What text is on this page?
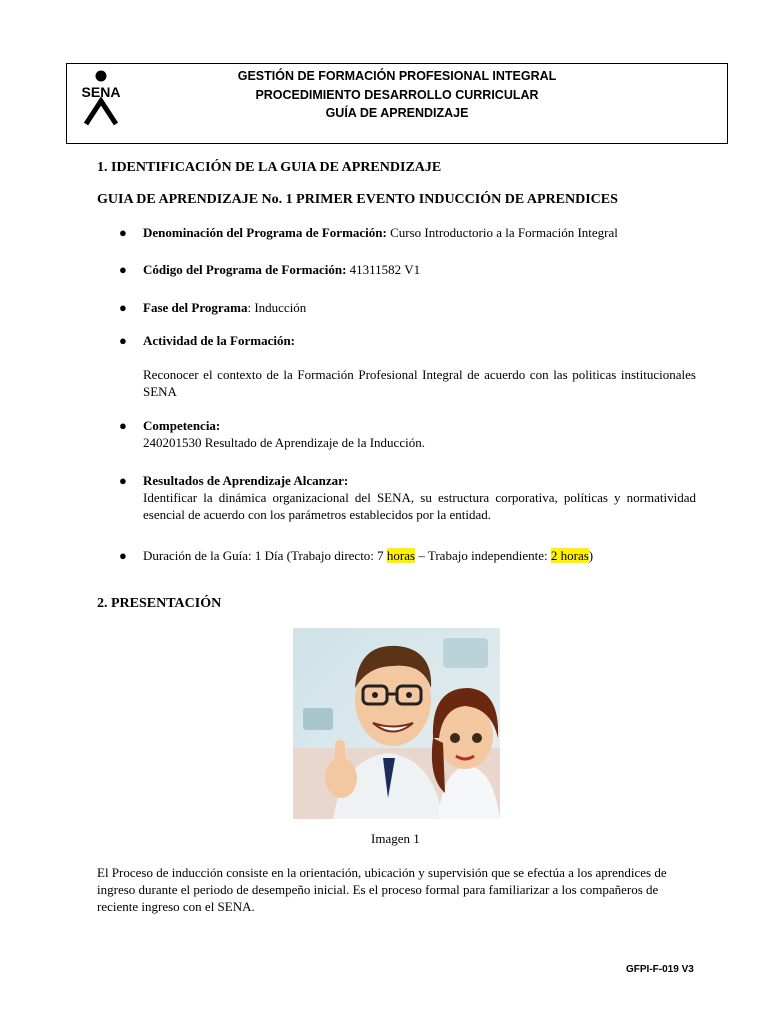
SENA
GESTIÓN DE FORMACIÓN PROFESIONAL INTEGRAL
PROCEDIMIENTO DESARROLLO CURRICULAR
GUÍA DE APRENDIZAJE
1. IDENTIFICACIÓN DE LA GUIA DE APRENDIZAJE
GUIA DE APRENDIZAJE No. 1 PRIMER EVENTO INDUCCIÓN DE APRENDICES
● Denominación del Programa de Formación: Curso Introductorio a la Formación Integral
● Código del Programa de Formación: 41311582 V1
● Fase del Programa: Inducción
● Actividad de la Formación:
Reconocer el contexto de la Formación Profesional Integral de acuerdo con las politicas institucionales SENA
● Competencia:
240201530 Resultado de Aprendizaje de la Inducción.
● Resultados de Aprendizaje Alcanzar:
Identificar la dinámica organizacional del SENA, su estructura corporativa, políticas y normatividad esencial de acuerdo con los parámetros establecidos por la entidad.
● Duración de la Guía: 1 Día (Trabajo directo: 7 horas – Trabajo independiente: 2 horas)
2. PRESENTACIÓN
Imagen 1
El Proceso de inducción consiste en la orientación, ubicación y supervisión que se efectúa a los aprendices de ingreso durante el periodo de desempeño inicial. Es el proceso formal para familiarizar a los compañeros de reciente ingreso con el SENA.
GFPI-F-019 V3
